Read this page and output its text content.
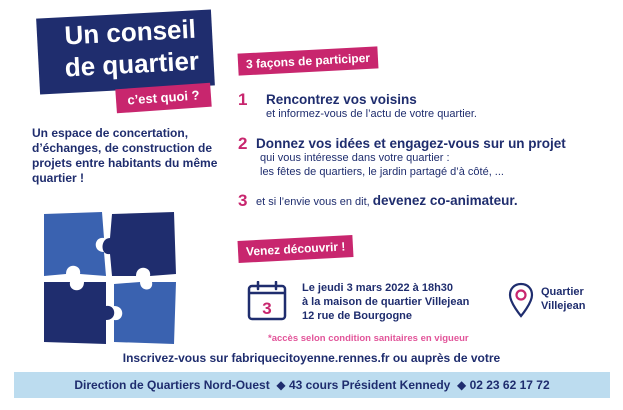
Un conseil
de quartier
c’est quoi ?
Un espace de concertation, d’échanges, de construction de projets entre habitants du même quartier !
3 façons de participer
1 Rencontrez vos voisins
et informez-vous de l’actu de votre quartier.
2 Donnez vos idées et engagez-vous sur un projet
qui vous intéresse dans votre quartier :
les fêtes de quartiers, le jardin partagé d’à côté, ...
3 et si l’envie vous en dit, devenez co-animateur.
Venez découvrir !
3
Le jeudi 3 mars 2022 à 18h30
à la maison de quartier Villejean
12 rue de Bourgogne
Quartier
Villejean
*accès selon condition sanitaires en vigueur
Inscrivez-vous sur fabriquecitoyenne.rennes.fr ou auprès de votre
Direction de Quartiers Nord-Ouest  ◆ 43 cours Président Kennedy  ◆ 02 23 62 17 72
